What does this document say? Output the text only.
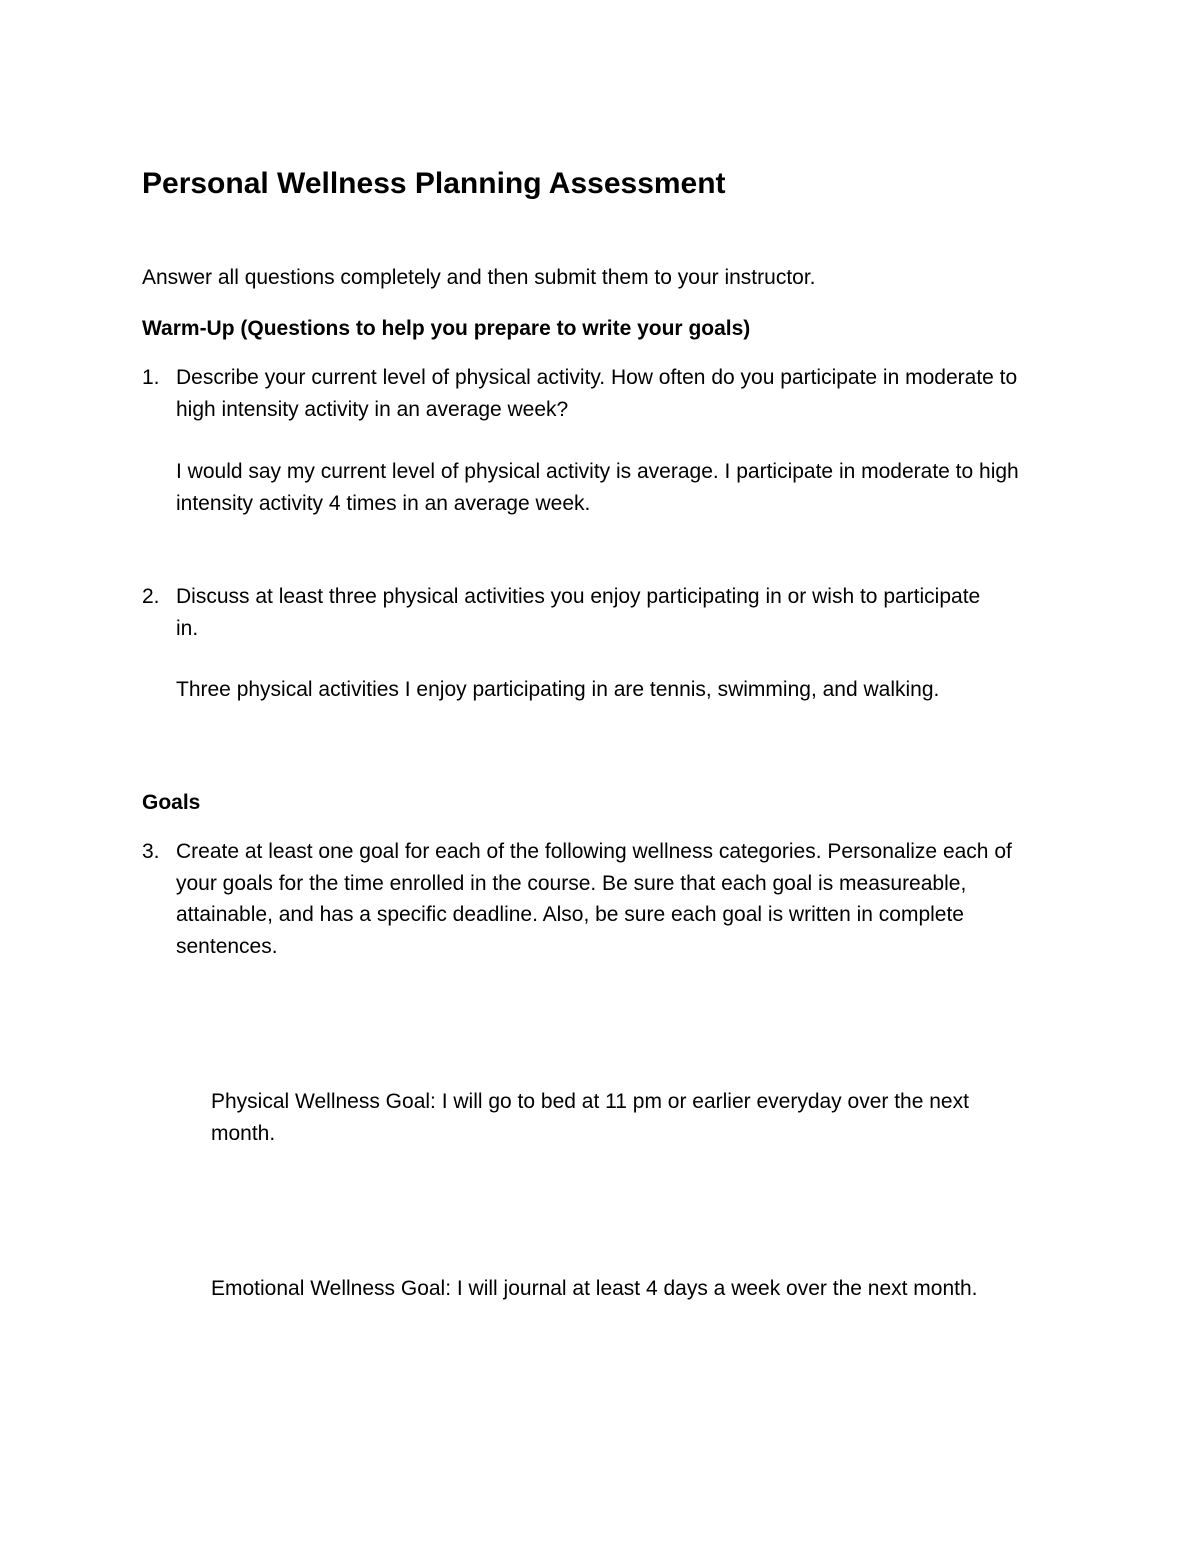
Personal Wellness Planning Assessment
Answer all questions completely and then submit them to your instructor.
Warm-Up (Questions to help you prepare to write your goals)
1. Describe your current level of physical activity. How often do you participate in moderate to high intensity activity in an average week?
I would say my current level of physical activity is average. I participate in moderate to high intensity activity 4 times in an average week.
2. Discuss at least three physical activities you enjoy participating in or wish to participate in.
Three physical activities I enjoy participating in are tennis, swimming, and walking.
Goals
3. Create at least one goal for each of the following wellness categories. Personalize each of your goals for the time enrolled in the course. Be sure that each goal is measureable, attainable, and has a specific deadline. Also, be sure each goal is written in complete sentences.
Physical Wellness Goal: I will go to bed at 11 pm or earlier everyday over the next month.
Emotional Wellness Goal: I will journal at least 4 days a week over the next month.
